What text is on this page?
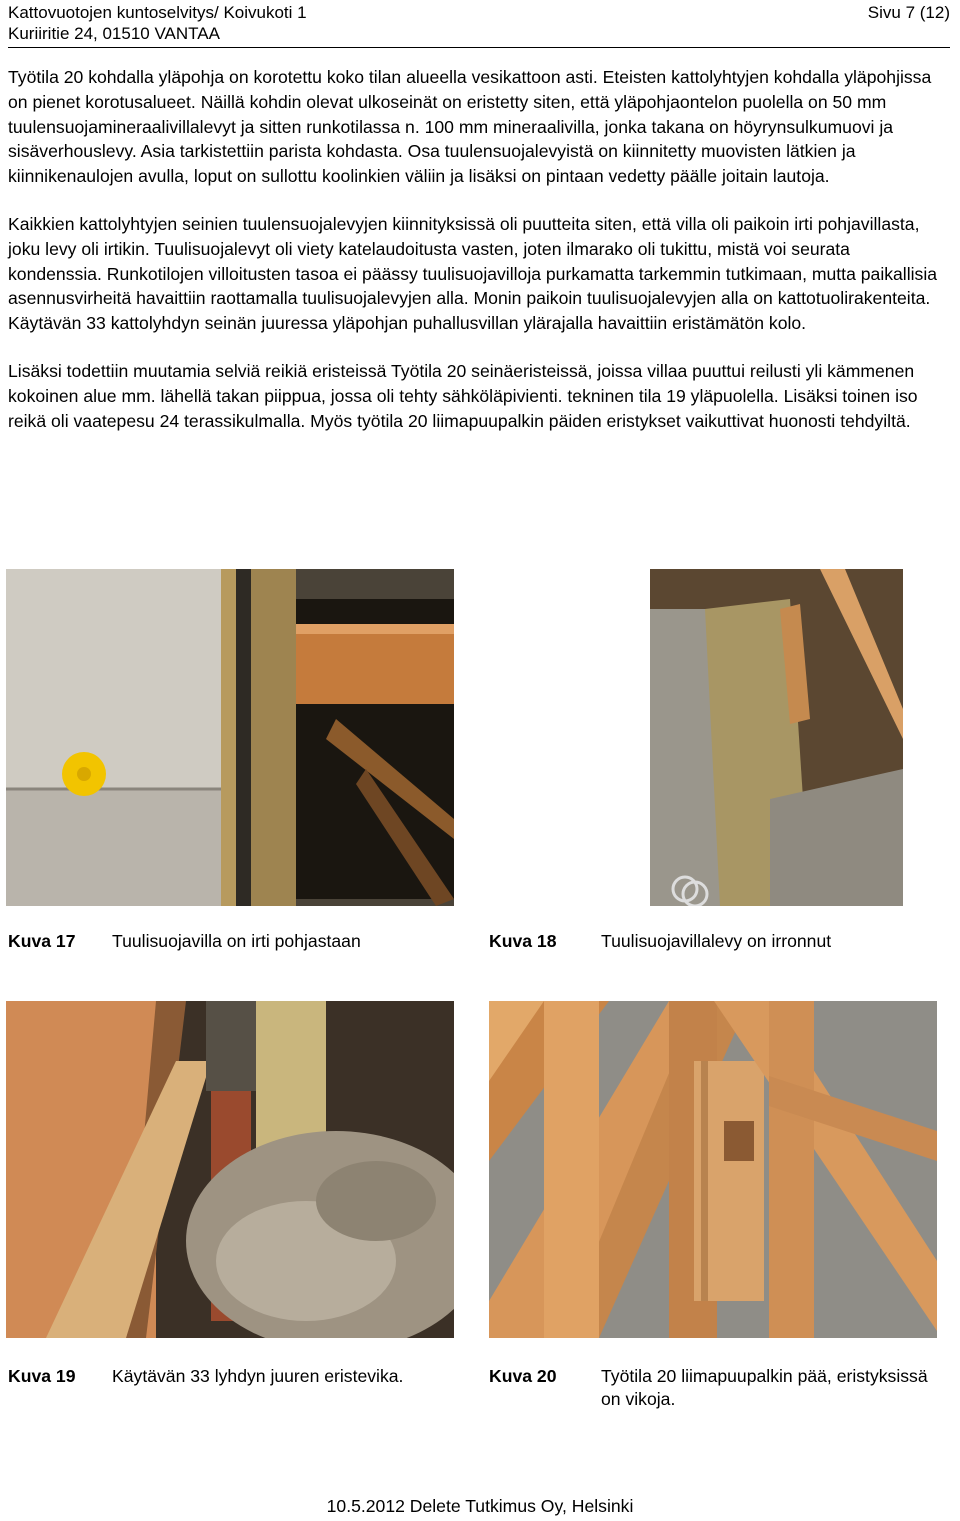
Kattovuotojen kuntoselvitys/ Koivukoti 1
Kuriiritie 24, 01510 VANTAA
Sivu 7 (12)

Työtila 20 kohdalla yläpohja on korotettu koko tilan alueella vesikattoon asti. Eteisten kattolyhtyjen kohdalla yläpohjissa on pienet korotusalueet. Näillä kohdin olevat ulkoseinät on eristetty siten, että yläpohjaontelon puolella on 50 mm tuulensuojamineraalivillalevyt ja sitten runkotilassa n. 100 mm mineraalivilla, jonka takana on höyrynsulkumuovi ja sisäverhouslevy. Asia tarkistettiin parista kohdasta. Osa tuulensuojalevyistä on kiinnitetty muovisten lätkien ja kiinnikenaulojen avulla, loput on sullottu koolinkien väliin ja lisäksi on pintaan vedetty päälle joitain lautoja.

Kaikkien kattolyhtyjen seinien tuulensuojalevyjen kiinnityksissä oli puutteita siten, että villa oli paikoin irti pohjavillasta, joku levy oli irtikin. Tuulisuojalevyt oli viety katelaudoitusta vasten, joten ilmarako oli tukittu, mistä voi seurata kondenssia. Runkotilojen villoitusten tasoa ei päässy tuulisuojavilloja purkamatta tarkemmin tutkimaan, mutta paikallisia asennusvirheitä havaittiin raottamalla tuulisuojalevyjen alla. Monin paikoin tuulisuojalevyjen alla on kattotuolirakenteita. Käytävän 33 kattolyhdyn seinän juuressa yläpohjan puhallusvillan ylärajalla havaittiin eristämätön kolo.

Lisäksi todettiin muutamia selviä reikiä eristeissä Työtila 20 seinäeristeissä, joissa villaa puuttui reilusti yli kämmenen kokoinen alue mm. lähellä takan piippua, jossa oli tehty sähköläpivienti. tekninen tila 19 yläpuolella. Lisäksi toinen iso reikä oli vaatepesu 24 terassikulmalla. Myös työtila 20 liimapuupalkin päiden eristykset vaikuttivat huonosti tehdyiltä.

Kuva 17 Tuulisuojavilla on irti pohjastaan	Kuva 18	Tuulisuojavillalevy on irronnut
Kuva 19 Käytävän 33 lyhdyn juuren eristevika.	Kuva 20	Työtila 20 liimapuupalkin pää, eristyksissä on vikoja.
10.5.2012 Delete Tutkimus Oy, Helsinki
